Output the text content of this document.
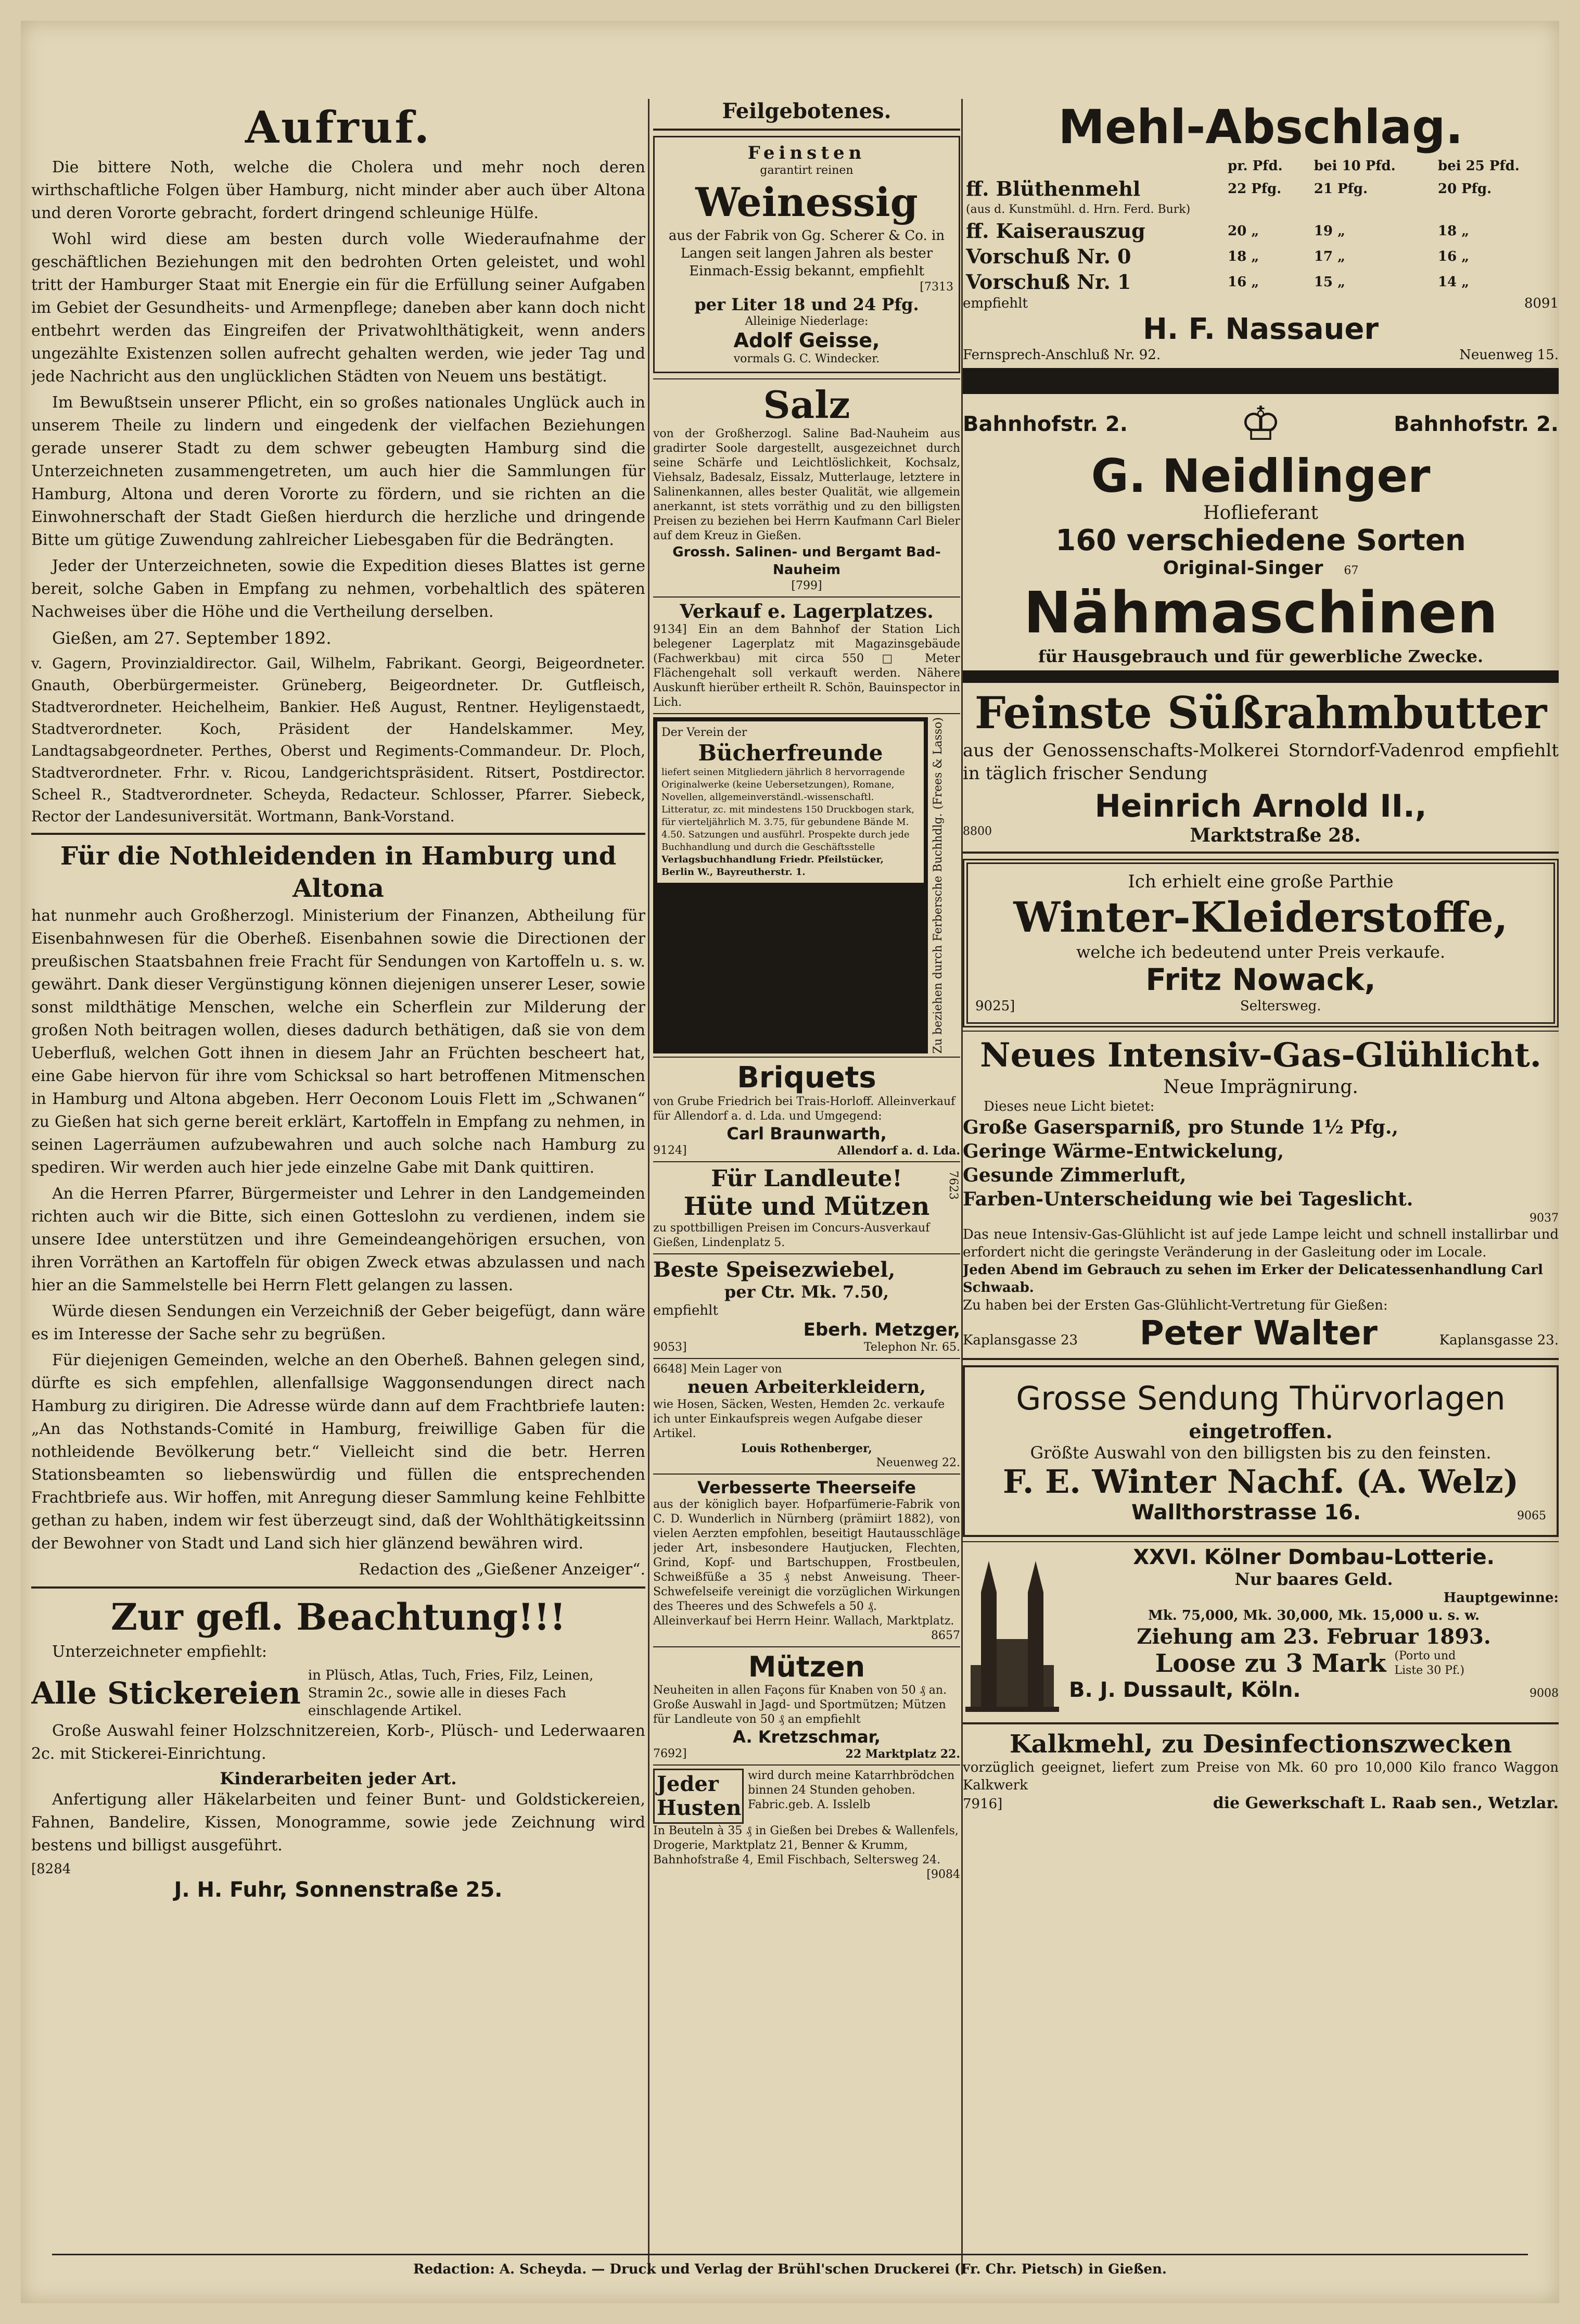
Aufruf.

Die bittere Noth, welche die Cholera und mehr noch deren wirthschaftliche Folgen über Hamburg, nicht minder aber auch über Altona und deren Vororte gebracht, fordert dringend schleunige Hülfe.

Wohl wird diese am besten durch volle Wiederaufnahme der geschäftlichen Beziehungen mit den bedrohten Orten geleistet, und wohl tritt der Hamburger Staat mit Energie ein für die Erfüllung seiner Aufgaben im Gebiet der Gesundheits- und Armenpflege; daneben aber kann doch nicht entbehrt werden das Eingreifen der Privatwohlthätigkeit, wenn anders ungezählte Existenzen sollen aufrecht gehalten werden, wie jeder Tag und jede Nachricht aus den unglücklichen Städten von Neuem uns bestätigt.

Im Bewußtsein unserer Pflicht, ein so großes nationales Unglück auch in unserem Theile zu lindern und eingedenk der vielfachen Beziehungen gerade unserer Stadt zu dem schwer gebeugten Hamburg sind die Unterzeichneten zusammengetreten, um auch hier die Sammlungen für Hamburg, Altona und deren Vororte zu fördern, und sie richten an die Einwohnerschaft der Stadt Gießen hierdurch die herzliche und dringende Bitte um gütige Zuwendung zahlreicher Liebesgaben für die Bedrängten.

Jeder der Unterzeichneten, sowie die Expedition dieses Blattes ist gerne bereit, solche Gaben in Empfang zu nehmen, vorbehaltlich des späteren Nachweises über die Höhe und die Vertheilung derselben.

Gießen, am 27. September 1892.

v. Gagern, Provinzialdirector. Gail, Wilhelm, Fabrikant. Georgi, Beigeordneter. Gnauth, Oberbürgermeister. Grüneberg, Beigeordneter. Dr. Gutfleisch, Stadtverordneter. Heichelheim, Bankier. Heß August, Rentner. Heyligenstaedt, Stadtverordneter. Koch, Präsident der Handelskammer. Mey, Landtagsabgeordneter. Perthes, Oberst und Regiments-Commandeur. Dr. Ploch, Stadtverordneter. Frhr. v. Ricou, Landgerichtspräsident. Ritsert, Postdirector. Scheel R., Stadtverordneter. Scheyda, Redacteur. Schlosser, Pfarrer. Siebeck, Rector der Landesuniversität. Wortmann, Bank-Vorstand.

Für die Nothleidenden in Hamburg und Altona

hat nunmehr auch Großherzogl. Ministerium der Finanzen, Abtheilung für Eisenbahnwesen für die Oberheß. Eisenbahnen sowie die Directionen der preußischen Staatsbahnen freie Fracht für Sendungen von Kartoffeln u. s. w. gewährt. Dank dieser Vergünstigung können diejenigen unserer Leser, sowie sonst mildthätige Menschen, welche ein Scherflein zur Milderung der großen Noth beitragen wollen, dieses dadurch bethätigen, daß sie von dem Ueberfluß, welchen Gott ihnen in diesem Jahr an Früchten bescheert hat, eine Gabe hiervon für ihre vom Schicksal so hart betroffenen Mitmenschen in Hamburg und Altona abgeben. Herr Oeconom Louis Flett im „Schwanen“ zu Gießen hat sich gerne bereit erklärt, Kartoffeln in Empfang zu nehmen, in seinen Lagerräumen aufzubewahren und auch solche nach Hamburg zu spediren. Wir werden auch hier jede einzelne Gabe mit Dank quittiren.

An die Herren Pfarrer, Bürgermeister und Lehrer in den Landgemeinden richten auch wir die Bitte, sich einen Gotteslohn zu verdienen, indem sie unsere Idee unterstützen und ihre Gemeindeangehörigen ersuchen, von ihren Vorräthen an Kartoffeln für obigen Zweck etwas abzulassen und nach hier an die Sammelstelle bei Herrn Flett gelangen zu lassen.

Würde diesen Sendungen ein Verzeichniß der Geber beigefügt, dann wäre es im Interesse der Sache sehr zu begrüßen.

Für diejenigen Gemeinden, welche an den Oberheß. Bahnen gelegen sind, dürfte es sich empfehlen, allenfallsige Waggonsendungen direct nach Hamburg zu dirigiren. Die Adresse würde dann auf dem Frachtbriefe lauten: „An das Nothstands-Comité in Hamburg, freiwillige Gaben für die nothleidende Bevölkerung betr.“ Vielleicht sind die betr. Herren Stationsbeamten so liebenswürdig und füllen die entsprechenden Frachtbriefe aus. Wir hoffen, mit Anregung dieser Sammlung keine Fehlbitte gethan zu haben, indem wir fest überzeugt sind, daß der Wohlthätigkeitssinn der Bewohner von Stadt und Land sich hier glänzend bewähren wird.

Redaction des „Gießener Anzeiger“.

Zur gefl. Beachtung!!!

Unterzeichneter empfiehlt:

Alle Stickereien in Plüsch, Atlas, Tuch, Fries, Filz, Leinen, Stramin 2c., sowie alle in dieses Fach einschlagende Artikel.

Große Auswahl feiner Holzschnitzereien, Korb-, Plüsch- und Lederwaaren 2c. mit Stickerei-Einrichtung.

Kinderarbeiten jeder Art.

Anfertigung aller Häkelarbeiten und feiner Bunt- und Goldstickereien, Fahnen, Bandelire, Kissen, Monogramme, sowie jede Zeichnung wird bestens und billigst ausgeführt.

[8284
J. H. Fuhr, Sonnenstraße 25.
Feilgebotenes.
Feinsten
garantirt reinen
Weinessig
aus der Fabrik von Gg. Scherer & Co. in Langen seit langen Jahren als bester Einmach-Essig bekannt, empfiehlt
[7313
per Liter 18 und 24 Pfg.
Alleinige Niederlage:
Adolf Geisse,
vormals G. C. Windecker.
Salz
von der Großherzogl. Saline Bad-Nauheim aus gradirter Soole dargestellt, ausgezeichnet durch seine Schärfe und Leichtlöslichkeit, Kochsalz, Viehsalz, Badesalz, Eissalz, Mutterlauge, letztere in Salinenkannen, alles bester Qualität, wie allgemein anerkannt, ist stets vorräthig und zu den billigsten Preisen zu beziehen bei Herrn Kaufmann Carl Bieler auf dem Kreuz in Gießen.
Grossh. Salinen- und Bergamt Bad-Nauheim
[799]
Verkauf e. Lagerplatzes.
9134] Ein an dem Bahnhof der Station Lich belegener Lagerplatz mit Magazinsgebäude (Fachwerkbau) mit circa 550 □ Meter Flächengehalt soll verkauft werden. Nähere Auskunft hierüber ertheilt R. Schön, Bauinspector in Lich.
Der Verein der
Bücherfreunde
liefert seinen Mitgliedern jährlich 8 hervorragende Originalwerke (keine Uebersetzungen), Romane, Novellen, allgemeinverständl.-wissenschaftl. Litteratur, zc. mit mindestens 150 Druckbogen stark, für vierteljährlich M. 3.75, für gebundene Bände M. 4.50. Satzungen und ausführl. Prospekte durch jede Buchhandlung und durch die Geschäftsstelle
Verlagsbuchhandlung Friedr. Pfeilstücker, Berlin W., Bayreutherstr. 1.	Zu beziehen durch Ferbersche Buchhdlg. (Frees & Lasso)
Briquets
von Grube Friedrich bei Trais-Horloff. Alleinverkauf für Allendorf a. d. Lda. und Umgegend:
Carl Braunwarth,
9124]	Allendorf a. d. Lda.
Für Landleute!
Hüte und Mützen
zu spottbilligen Preisen im Concurs-Ausverkauf Gießen, Lindenplatz 5.
7623
Beste Speisezwiebel,
per Ctr. Mk. 7.50,
empfiehlt
Eberh. Metzger,
9053]	Telephon Nr. 65.
6648] Mein Lager von
neuen Arbeiterkleidern,
wie Hosen, Säcken, Westen, Hemden 2c. verkaufe ich unter Einkaufspreis wegen Aufgabe dieser Artikel.
Louis Rothenberger,
Neuenweg 22.
Verbesserte Theerseife
aus der königlich bayer. Hofparfümerie-Fabrik von C. D. Wunderlich in Nürnberg (prämiirt 1882), von vielen Aerzten empfohlen, beseitigt Hautausschläge jeder Art, insbesondere Hautjucken, Flechten, Grind, Kopf- und Bartschuppen, Frostbeulen, Schweißfüße a 35 ₰ nebst Anweisung. Theer-Schwefelseife vereinigt die vorzüglichen Wirkungen des Theeres und des Schwefels a 50 ₰.
Alleinverkauf bei Herrn Heinr. Wallach, Marktplatz.
8657
Mützen
Neuheiten in allen Façons für Knaben von 50 ₰ an. Große Auswahl in Jagd- und Sportmützen; Mützen für Landleute von 50 ₰ an empfiehlt
A. Kretzschmar,
7692]	22 Marktplatz 22.
Jeder Husten
wird durch meine Katarrhbrödchen binnen 24 Stunden gehoben. Fabric.geb. A. Isslelb
In Beuteln à 35 ₰ in Gießen bei Drebes & Wallenfels, Drogerie, Marktplatz 21, Benner & Krumm, Bahnhofstraße 4, Emil Fischbach, Seltersweg 24.
[9084
Mehl-Abschlag.
	pr. Pfd.	bei 10 Pfd.	bei 25 Pfd.
ff. Blüthenmehl	22 Pfg.	21 Pfg.	20 Pfg.
(aus d. Kunstmühl. d. Hrn. Ferd. Burk)			
ff. Kaiserauszug	20 „	19 „	18 „
Vorschuß Nr. 0	18 „	17 „	16 „
Vorschuß Nr. 1	16 „	15 „	14 „
empfiehlt	8091
H. F. Nassauer
Fernsprech-Anschluß Nr. 92.	Neuenweg 15.
Bahnhofstr. 2. ♔	Bahnhofstr. 2.
G. Neidlinger
Hoflieferant
160 verschiedene Sorten
Original-Singer 67
Nähmaschinen
für Hausgebrauch und für gewerbliche Zwecke.
Feinste Süßrahmbutter
aus der Genossenschafts-Molkerei Storndorf-Vadenrod empfiehlt in täglich frischer Sendung
Heinrich Arnold II.,
8800	Marktstraße 28.
Ich erhielt eine große Parthie
Winter-Kleiderstoffe,
welche ich bedeutend unter Preis verkaufe.
Fritz Nowack,
9025]	Seltersweg.
Neues Intensiv-Gas-Glühlicht.
Neue Imprägnirung.
Dieses neue Licht bietet:
Große Gasersparniß, pro Stunde 1½ Pfg.,
Geringe Wärme-Entwickelung,
Gesunde Zimmerluft,
Farben-Unterscheidung wie bei Tageslicht.
9037
Das neue Intensiv-Gas-Glühlicht ist auf jede Lampe leicht und schnell installirbar und erfordert nicht die geringste Veränderung in der Gasleitung oder im Locale.
Jeden Abend im Gebrauch zu sehen im Erker der Delicatessenhandlung Carl Schwaab.
Zu haben bei der Ersten Gas-Glühlicht-Vertretung für Gießen:
Kaplansgasse 23 Peter Walter	Kaplansgasse 23.
Grosse Sendung Thürvorlagen
eingetroffen.
Größte Auswahl von den billigsten bis zu den feinsten.
F. E. Winter Nachf. (A. Welz)
Wallthorstrasse 16.	9065
XXVI. Kölner Dombau-Lotterie.
Nur baares Geld.
Hauptgewinne:
Mk. 75,000, Mk. 30,000, Mk. 15,000 u. s. w.
Ziehung am 23. Februar 1893.
Loose zu 3 Mark (Porto und Liste 30 Pf.)
B. J. Dussault, Köln.	9008
Kalkmehl, zu Desinfectionszwecken
vorzüglich geeignet, liefert zum Preise von Mk. 60 pro 10,000 Kilo franco Waggon Kalkwerk
7916]	die Gewerkschaft L. Raab sen., Wetzlar.
Redaction: A. Scheyda. — Druck und Verlag der Brühl'schen Druckerei (Fr. Chr. Pietsch) in Gießen.
